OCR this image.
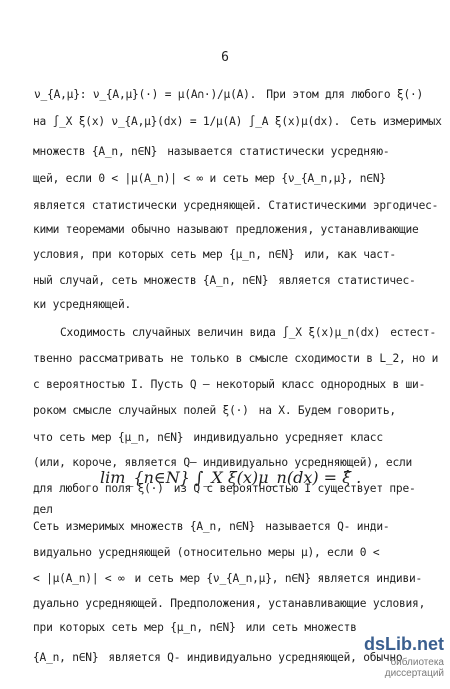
6
ν_{A,μ}: ν_{A,μ}(·) = μ(A∩·)/μ(A). При этом для любого ξ(·)
на ∫_X ξ(x) ν_{A,μ}(dx) = 1/μ(A) ∫_A ξ(x)μ(dx). Сеть измеримых
множеств {A_n, n∈N} называется статистически усредняю-
щей, если 0 < |μ(A_n)| < ∞ и сеть мер {ν_{A_n,μ}, n∈N}
является статистически усредняющей. Статистическими эргодичес-
кими теоремами обычно называют предложения, устанавливающие
условия, при которых сеть мер {μ_n, n∈N} или, как част-
ный случай, сеть множеств {A_n, n∈N} является статистичес-
ки усредняющей.
Сходимость случайных величин вида ∫_X ξ(x)μ_n(dx) естест-
твенно рассматривать не только в смысле сходимости в L_2, но и
с вероятностью I. Пусть Q – некоторый класс однородных в ши-
роком смысле случайных полей ξ(·) на X. Будем говорить,
что сеть мер {μ_n, n∈N} индивидуально усредняет класс
(или, короче, является Q– индивидуально усредняющей), если
для любого поля ξ(·) из Q с вероятностью I существует пре-
дел
Сеть измеримых множеств {A_n, n∈N} называется Q- инди-
видуально усредняющей (относительно меры μ), если 0 <
< |μ(A_n)| < ∞ и сеть мер {ν_{A_n,μ}, n∈N} является индиви-
дуально усредняющей. Предположения, устанавливающие условия,
при которых сеть мер {μ_n, n∈N} или сеть множеств
{A_n, n∈N} является Q- индивидуально усредняющей, обычно
lim_{n∈N} ∫_X ξ(x)μ_n(dx) = ξ̂ .
dsLib.net
библиотека диссертаций
